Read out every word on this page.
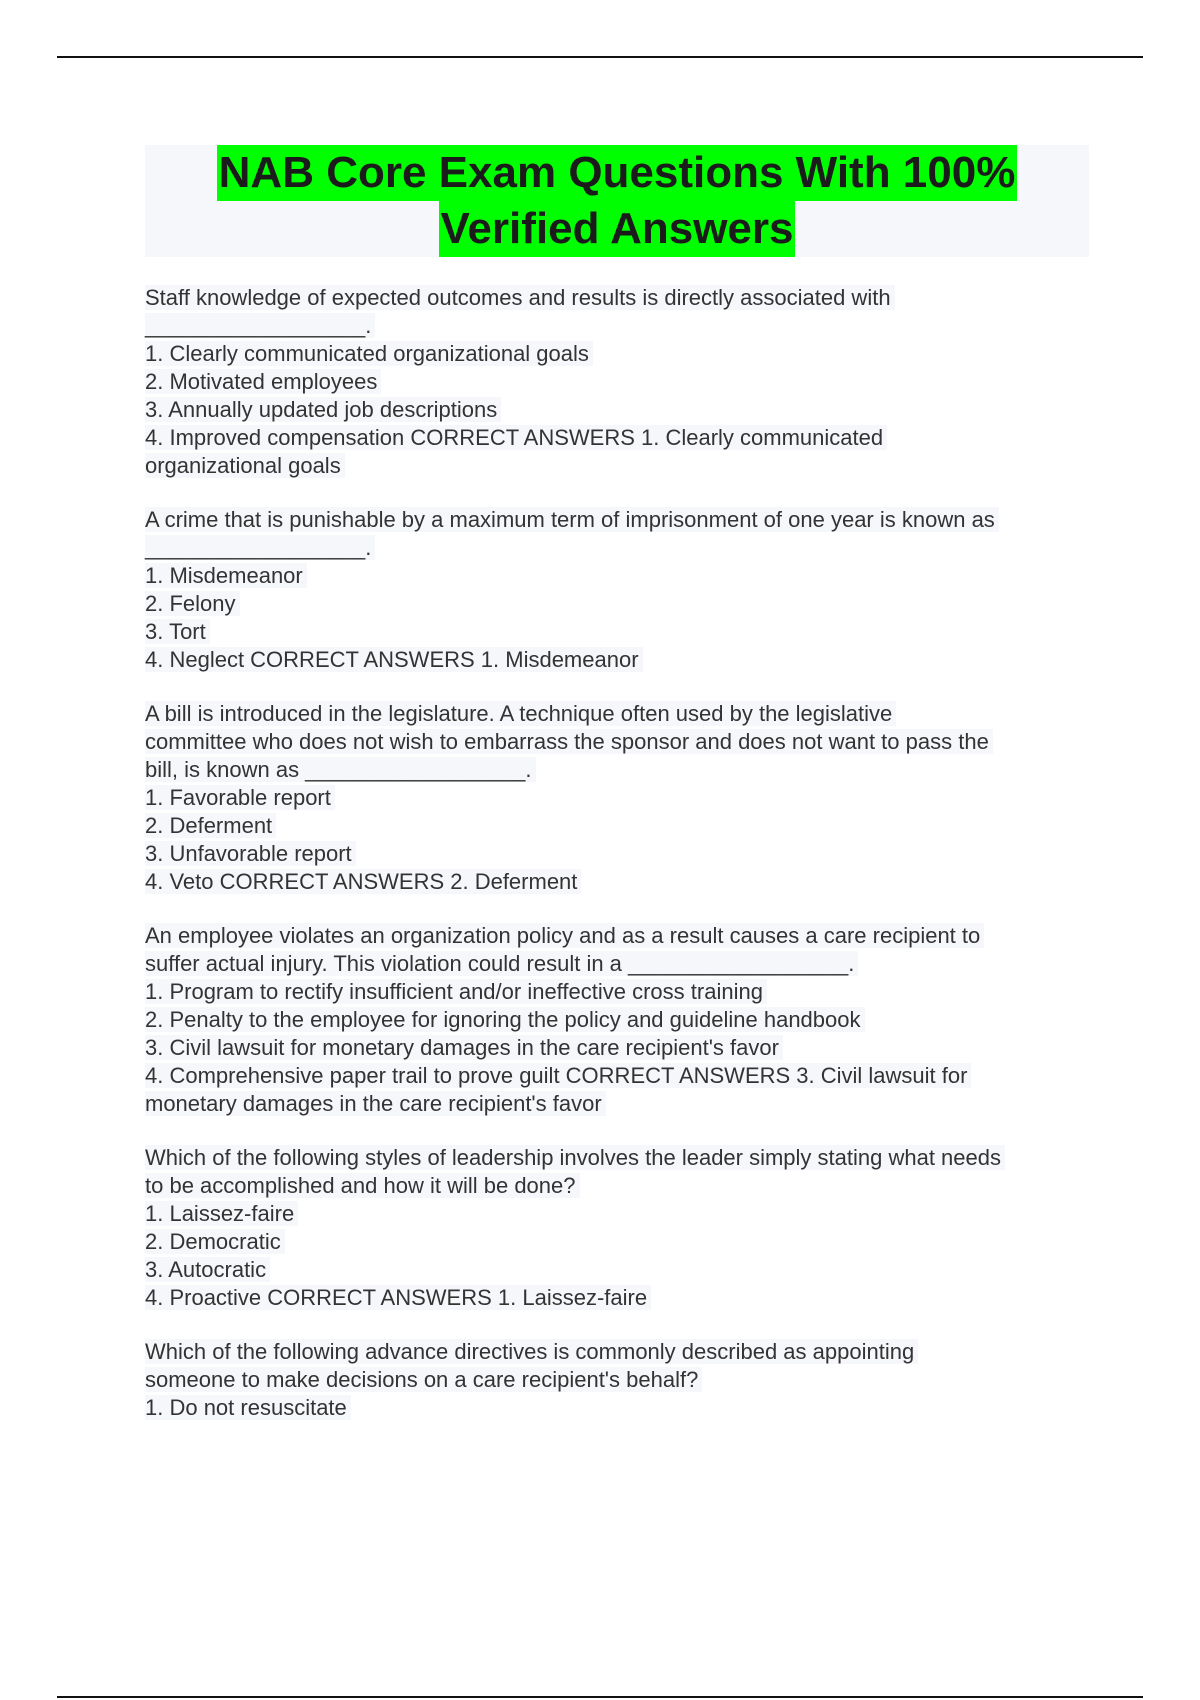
NAB Core Exam Questions With 100%
Verified Answers
Staff knowledge of expected outcomes and results is directly associated with
__________________.
1. Clearly communicated organizational goals
2. Motivated employees
3. Annually updated job descriptions
4. Improved compensation CORRECT ANSWERS 1. Clearly communicated
organizational goals
A crime that is punishable by a maximum term of imprisonment of one year is known as
__________________.
1. Misdemeanor
2. Felony
3. Tort
4. Neglect CORRECT ANSWERS 1. Misdemeanor
A bill is introduced in the legislature. A technique often used by the legislative
committee who does not wish to embarrass the sponsor and does not want to pass the
bill, is known as __________________.
1. Favorable report
2. Deferment
3. Unfavorable report
4. Veto CORRECT ANSWERS 2. Deferment
An employee violates an organization policy and as a result causes a care recipient to
suffer actual injury. This violation could result in a __________________.
1. Program to rectify insufficient and/or ineffective cross training
2. Penalty to the employee for ignoring the policy and guideline handbook
3. Civil lawsuit for monetary damages in the care recipient's favor
4. Comprehensive paper trail to prove guilt CORRECT ANSWERS 3. Civil lawsuit for
monetary damages in the care recipient's favor
Which of the following styles of leadership involves the leader simply stating what needs
to be accomplished and how it will be done?
1. Laissez-faire
2. Democratic
3. Autocratic
4. Proactive CORRECT ANSWERS 1. Laissez-faire
Which of the following advance directives is commonly described as appointing
someone to make decisions on a care recipient's behalf?
1. Do not resuscitate
